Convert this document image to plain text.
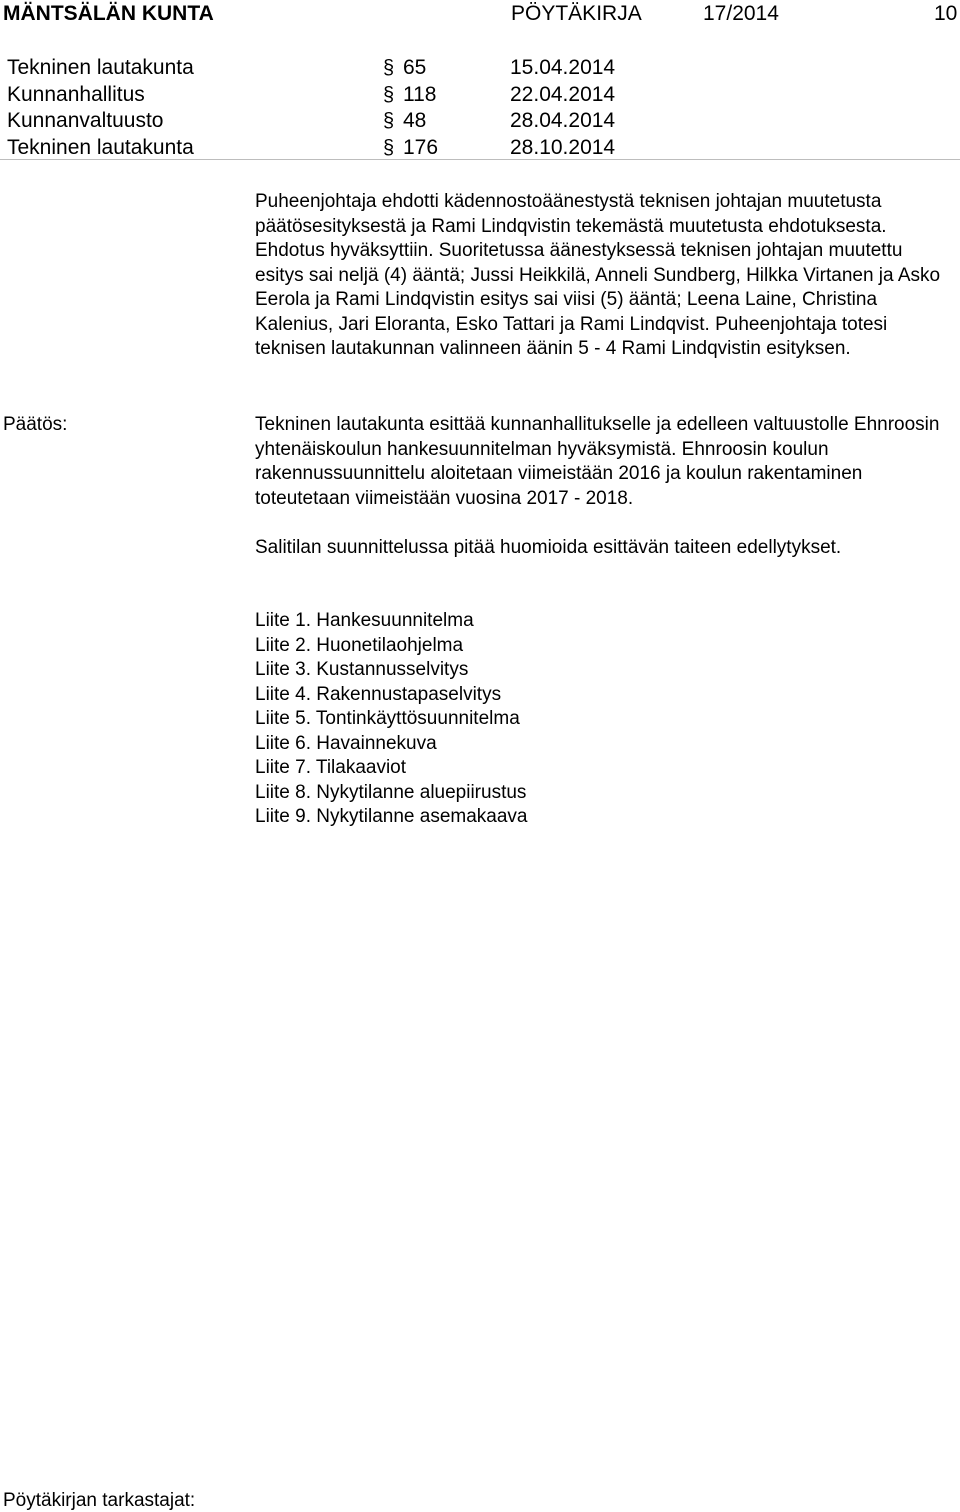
MÄNTSÄLÄN KUNTA	PÖYTÄKIRJA	17/2014	10
Tekninen lautakunta	§ 65	15.04.2014
Kunnanhallitus	§ 118	22.04.2014
Kunnanvaltuusto	§ 48	28.04.2014
Tekninen lautakunta	§ 176	28.10.2014

Puheenjohtaja ehdotti kädennostoäänestystä teknisen johtajan muutetusta päätösesityksestä ja Rami Lindqvistin tekemästä muutetusta ehdotuksesta. Ehdotus hyväksyttiin. Suoritetussa äänestyksessä teknisen johtajan muutettu esitys sai neljä (4) ääntä; Jussi Heikkilä, Anneli Sundberg, Hilkka Virtanen ja Asko Eerola ja Rami Lindqvistin esitys sai viisi (5) ääntä; Leena Laine, Christina Kalenius, Jari Eloranta, Esko Tattari ja Rami Lindqvist. Puheenjohtaja totesi teknisen lautakunnan valinneen äänin 5 - 4 Rami Lindqvistin esityksen.

Päätös:	Tekninen lautakunta esittää kunnanhallitukselle ja edelleen valtuustolle Ehnroosin yhtenäiskoulun hankesuunnitelman hyväksymistä. Ehnroosin koulun rakennussuunnittelu aloitetaan viimeistään 2016 ja koulun rakentaminen toteutetaan viimeistään vuosina 2017 - 2018.

Salitilan suunnittelussa pitää huomioida esittävän taiteen edellytykset.

Liite 1. Hankesuunnitelma
Liite 2. Huonetilaohjelma
Liite 3. Kustannusselvitys
Liite 4. Rakennustapaselvitys
Liite 5. Tontinkäyttösuunnitelma
Liite 6. Havainnekuva
Liite 7. Tilakaaviot
Liite 8. Nykytilanne aluepiirustus
Liite 9. Nykytilanne asemakaava
Pöytäkirjan tarkastajat:
